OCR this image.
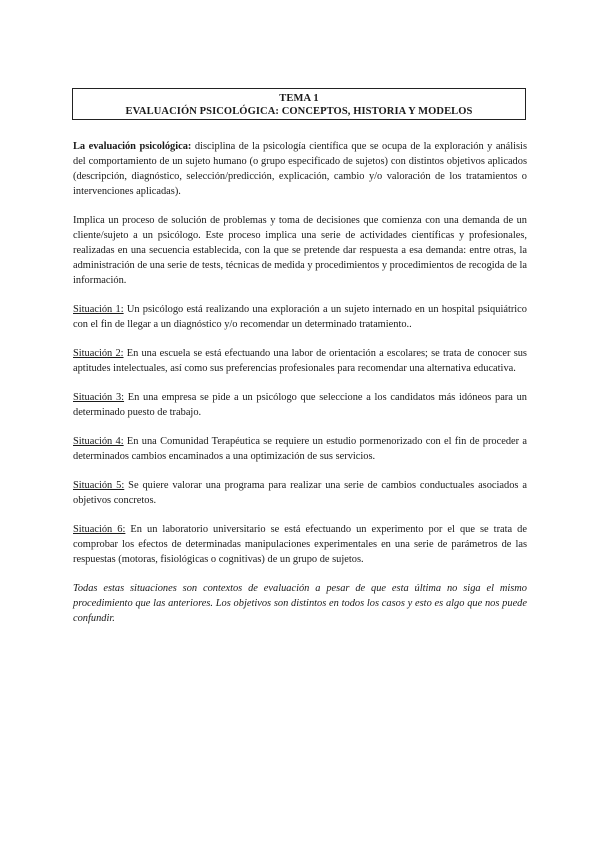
TEMA 1
EVALUACIÓN PSICOLÓGICA: CONCEPTOS, HISTORIA Y MODELOS

La evaluación psicológica: disciplina de la psicología científica que se ocupa de la exploración y análisis del comportamiento de un sujeto humano (o grupo especificado de sujetos) con distintos objetivos aplicados (descripción, diagnóstico, selección/predicción, explicación, cambio y/o valoración de los tratamientos o intervenciones aplicadas).

Implica un proceso de solución de problemas y toma de decisiones que comienza con una demanda de un cliente/sujeto a un psicólogo. Este proceso implica una serie de actividades científicas y profesionales, realizadas en una secuencia establecida, con la que se pretende dar respuesta a esa demanda: entre otras, la administración de una serie de tests, técnicas de medida y procedimientos y procedimientos de recogida de la información.

Situación 1: Un psicólogo está realizando una exploración a un sujeto internado en un hospital psiquiátrico con el fin de llegar a un diagnóstico y/o recomendar un determinado tratamiento..

Situación 2: En una escuela se está efectuando una labor de orientación a escolares; se trata de conocer sus aptitudes intelectuales, así como sus preferencias profesionales para recomendar una alternativa educativa.

Situación 3: En una empresa se pide a un psicólogo que seleccione a los candidatos más idóneos para un determinado puesto de trabajo.

Situación 4: En una Comunidad Terapéutica se requiere un estudio pormenorizado con el fin de proceder a determinados cambios encaminados a una optimización de sus servicios.

Situación 5: Se quiere valorar una programa para realizar una serie de cambios conductuales asociados a objetivos concretos.

Situación 6: En un laboratorio universitario se está efectuando un experimento por el que se trata de comprobar los efectos de determinadas manipulaciones experimentales en una serie de parámetros de las respuestas (motoras, fisiológicas o cognitivas) de un grupo de sujetos.

Todas estas situaciones son contextos de evaluación a pesar de que esta última no siga el mismo procedimiento que las anteriores. Los objetivos son distintos en todos los casos y esto es algo que nos puede confundir.
